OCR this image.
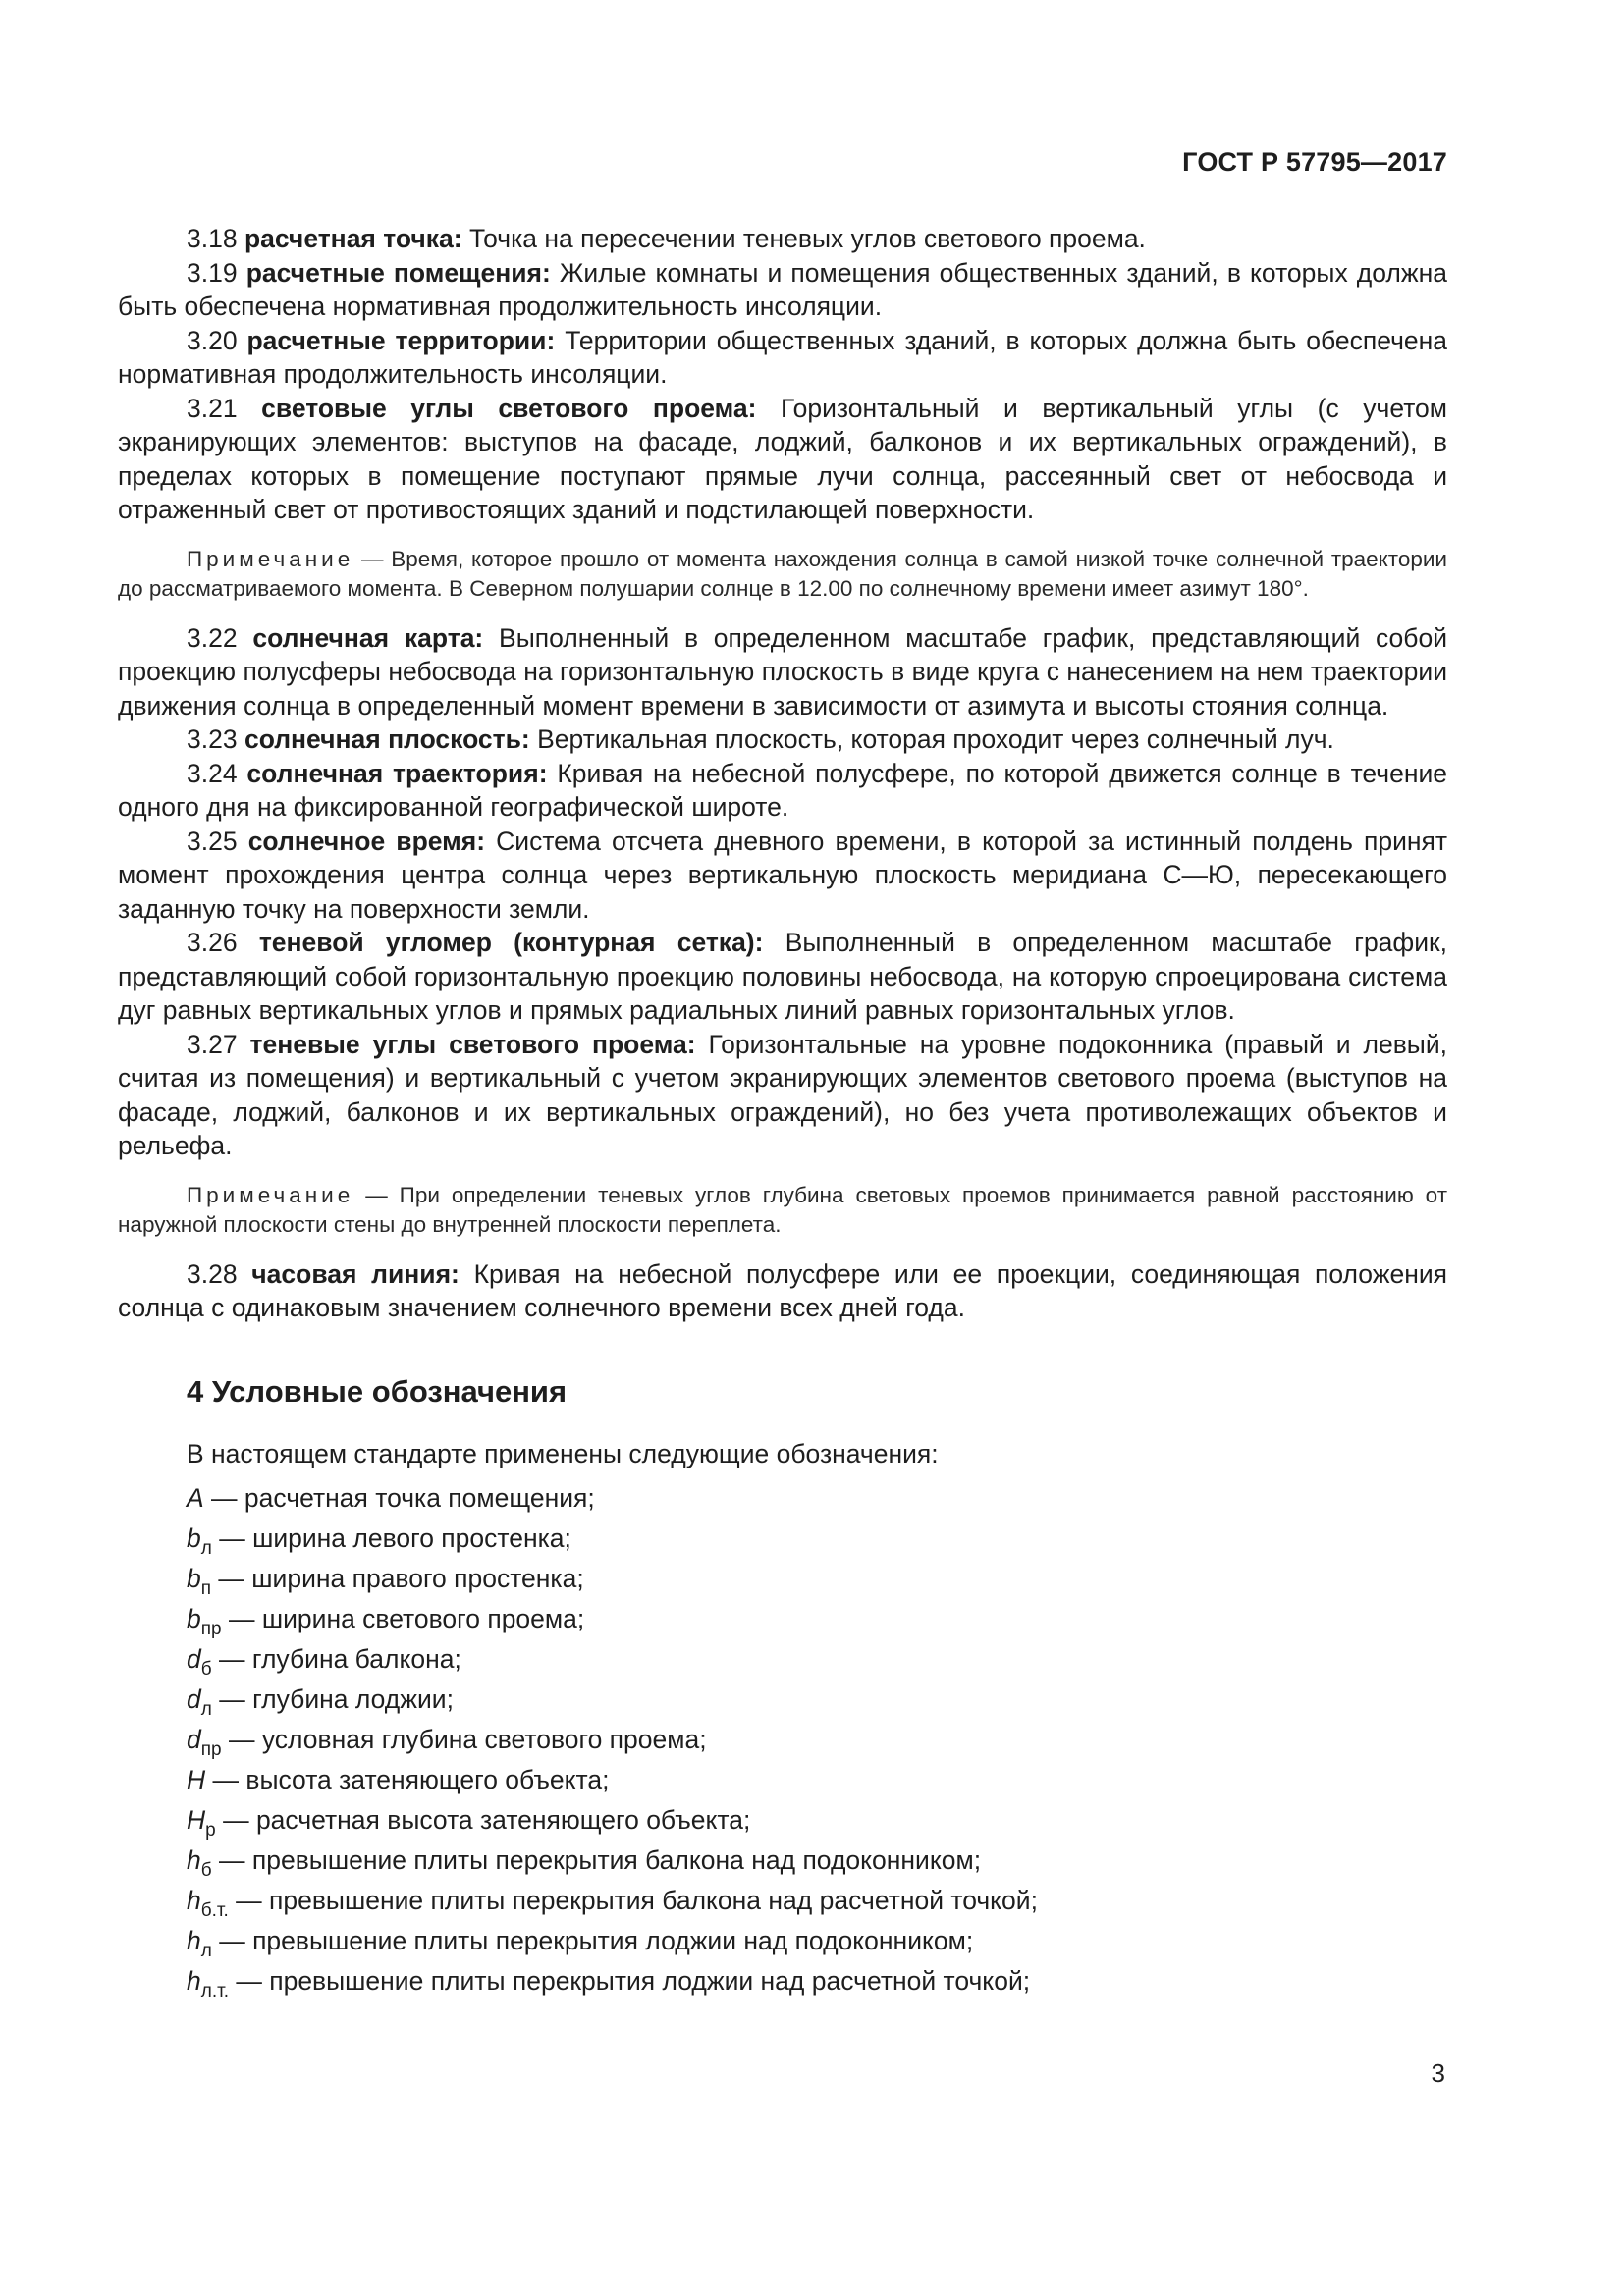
ГОСТ Р 57795—2017

3.18 расчетная точка: Точка на пересечении теневых углов светового проема.

3.19 расчетные помещения: Жилые комнаты и помещения общественных зданий, в которых должна быть обеспечена нормативная продолжительность инсоляции.

3.20 расчетные территории: Территории общественных зданий, в которых должна быть обеспечена нормативная продолжительность инсоляции.

3.21 световые углы светового проема: Горизонтальный и вертикальный углы (с учетом экранирующих элементов: выступов на фасаде, лоджий, балконов и их вертикальных ограждений), в пределах которых в помещение поступают прямые лучи солнца, рассеянный свет от небосвода и отраженный свет от противостоящих зданий и подстилающей поверхности.

Примечание — Время, которое прошло от момента нахождения солнца в самой низкой точке солнечной траектории до рассматриваемого момента. В Северном полушарии солнце в 12.00 по солнечному времени имеет азимут 180°.

3.22 солнечная карта: Выполненный в определенном масштабе график, представляющий собой проекцию полусферы небосвода на горизонтальную плоскость в виде круга с нанесением на нем траектории движения солнца в определенный момент времени в зависимости от азимута и высоты стояния солнца.

3.23 солнечная плоскость: Вертикальная плоскость, которая проходит через солнечный луч.

3.24 солнечная траектория: Кривая на небесной полусфере, по которой движется солнце в течение одного дня на фиксированной географической широте.

3.25 солнечное время: Система отсчета дневного времени, в которой за истинный полдень принят момент прохождения центра солнца через вертикальную плоскость меридиана С—Ю, пересекающего заданную точку на поверхности земли.

3.26 теневой угломер (контурная сетка): Выполненный в определенном масштабе график, представляющий собой горизонтальную проекцию половины небосвода, на которую спроецирована система дуг равных вертикальных углов и прямых радиальных линий равных горизонтальных углов.

3.27 теневые углы светового проема: Горизонтальные на уровне подоконника (правый и левый, считая из помещения) и вертикальный с учетом экранирующих элементов светового проема (выступов на фасаде, лоджий, балконов и их вертикальных ограждений), но без учета противолежащих объектов и рельефа.

Примечание — При определении теневых углов глубина световых проемов принимается равной расстоянию от наружной плоскости стены до внутренней плоскости переплета.

3.28 часовая линия: Кривая на небесной полусфере или ее проекции, соединяющая положения солнца с одинаковым значением солнечного времени всех дней года.

4 Условные обозначения

В настоящем стандарте применены следующие обозначения:

A — расчетная точка помещения;
$b_л$ — ширина левого простенка;
$b_п$ — ширина правого простенка;
$b_{пр}$ — ширина светового проема;
$d_б$ — глубина балкона;
$d_л$ — глубина лоджии;
$d_{пр}$ — условная глубина светового проема;
H — высота затеняющего объекта;
$H_р$ — расчетная высота затеняющего объекта;
$h_б$ — превышение плиты перекрытия балкона над подоконником;
$h_{б.т.}$ — превышение плиты перекрытия балкона над расчетной точкой;
$h_л$ — превышение плиты перекрытия лоджии над подоконником;
$h_{л.т.}$ — превышение плиты перекрытия лоджии над расчетной точкой;
3
